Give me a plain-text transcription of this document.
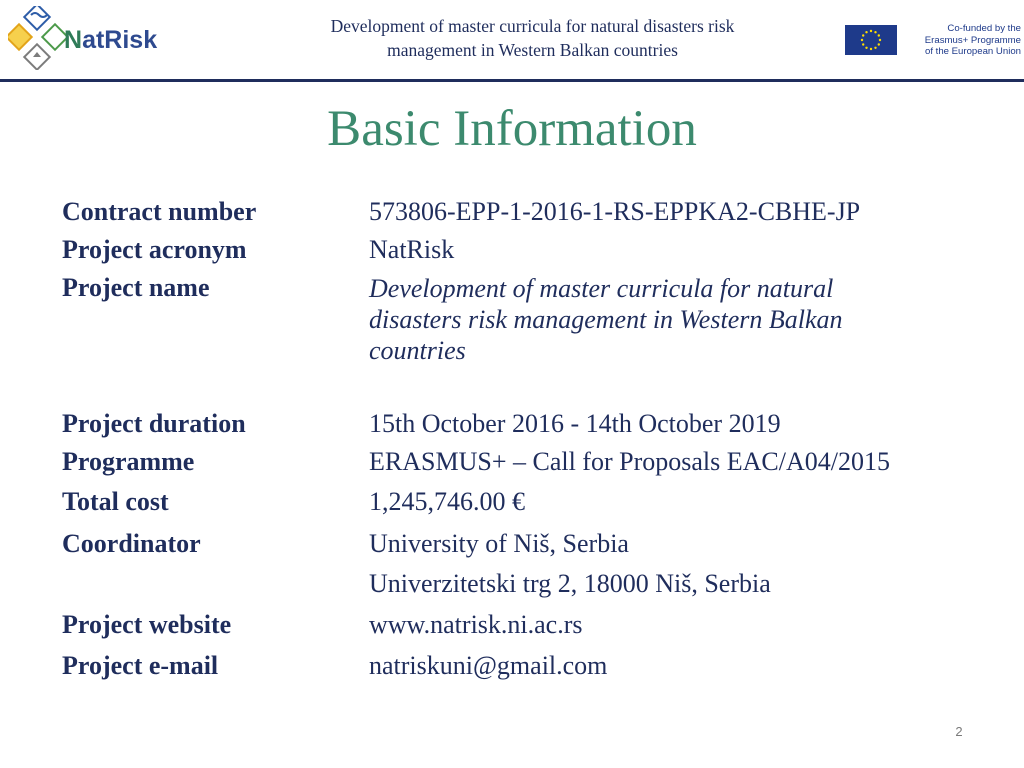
NatRisk	Development of master curricula for natural disasters risk
management in Western Balkan countries
Co-funded by the
Erasmus+ Programme
of the European Union
Basic Information
Contract number	573806-EPP-1-2016-1-RS-EPPKA2-CBHE-JP
Project acronym	NatRisk
Project name	Development of master curricula for natural disasters risk management in Western Balkan countries
Project duration	15th October 2016 - 14th October 2019
Programme	ERASMUS+ – Call for Proposals EAC/A04/2015
Total cost	1,245,746.00 €
Coordinator	University of Niš, Serbia
Univerzitetski trg 2, 18000 Niš, Serbia
Project website	www.natrisk.ni.ac.rs
Project e-mail	natriskuni@gmail.com
2
